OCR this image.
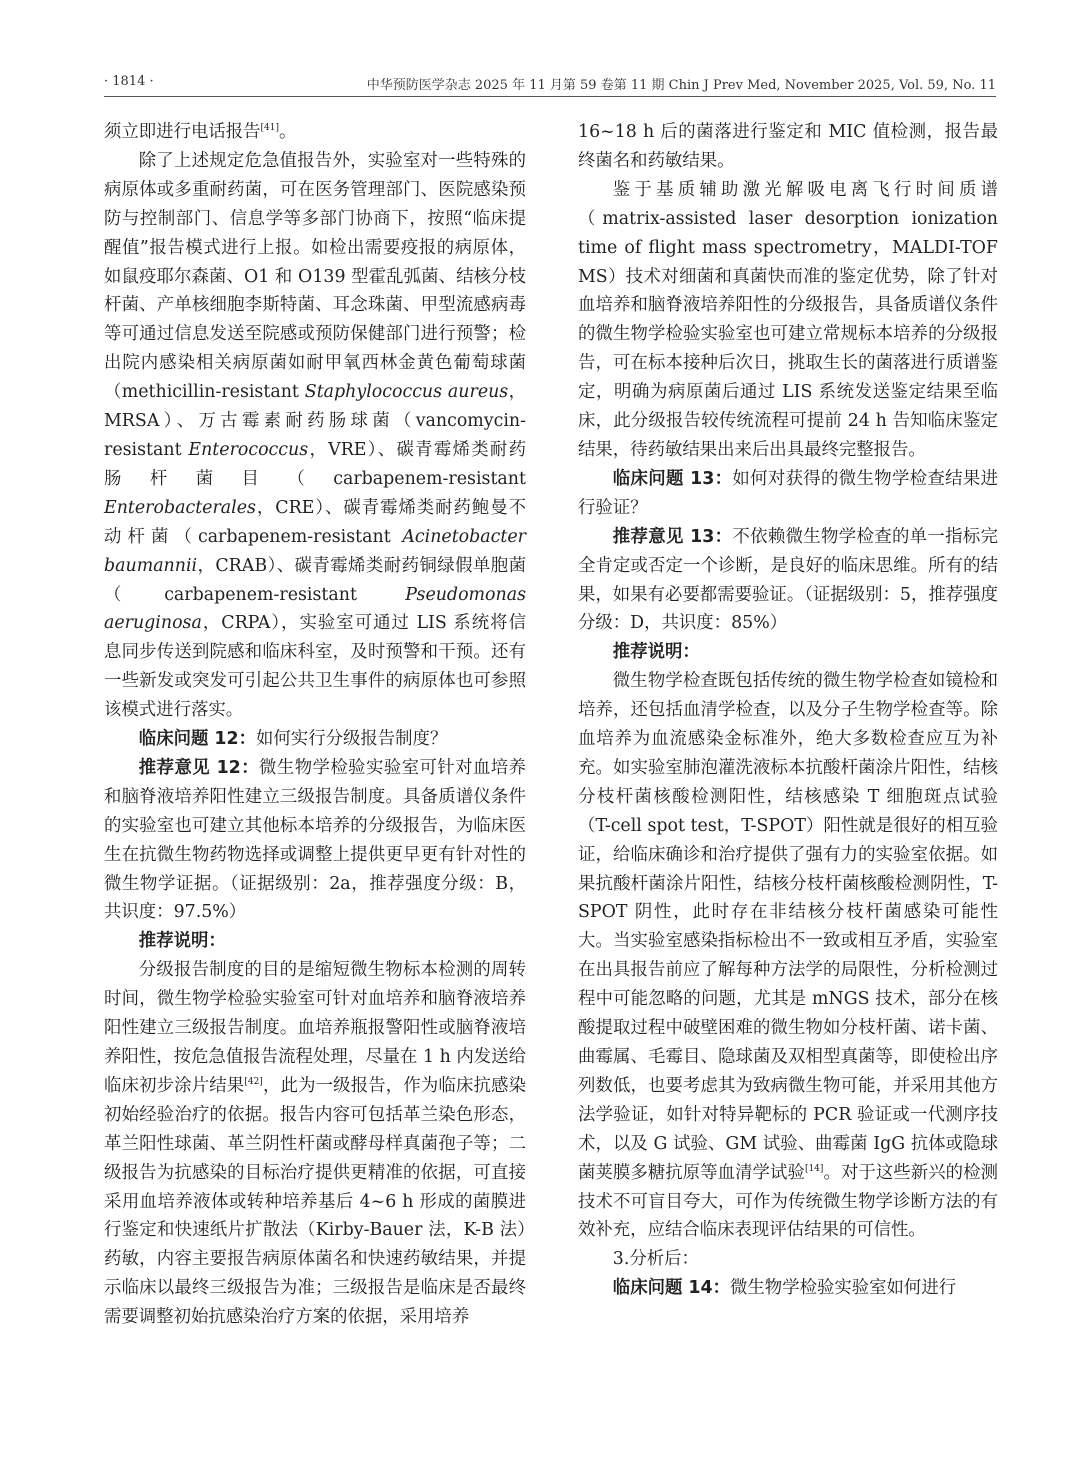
· 1814 ·	中华预防医学杂志 2025 年 11 月第 59 卷第 11 期 Chin J Prev Med, November 2025, Vol. 59, No. 11

须立即进行电话报告[41]。

除了上述规定危急值报告外，实验室对一些特殊的病原体或多重耐药菌，可在医务管理部门、医院感染预防与控制部门、信息学等多部门协商下，按照“临床提醒值”报告模式进行上报。如检出需要疫报的病原体，如鼠疫耶尔森菌、O1 和 O139 型霍乱弧菌、结核分枝杆菌、产单核细胞李斯特菌、耳念珠菌、甲型流感病毒等可通过信息发送至院感或预防保健部门进行预警；检出院内感染相关病原菌如耐甲氧西林金黄色葡萄球菌（methicillin-resistant Staphylococcus aureus，MRSA）、万古霉素耐药肠球菌（vancomycin-resistant Enterococcus，VRE）、碳青霉烯类耐药肠杆菌目（carbapenem-resistant Enterobacterales，CRE）、碳青霉烯类耐药鲍曼不动杆菌（carbapenem-resistant Acinetobacter baumannii，CRAB）、碳青霉烯类耐药铜绿假单胞菌（carbapenem-resistant Pseudomonas aeruginosa，CRPA），实验室可通过 LIS 系统将信息同步传送到院感和临床科室，及时预警和干预。还有一些新发或突发可引起公共卫生事件的病原体也可参照该模式进行落实。

临床问题 12：如何实行分级报告制度？

推荐意见 12：微生物学检验实验室可针对血培养和脑脊液培养阳性建立三级报告制度。具备质谱仪条件的实验室也可建立其他标本培养的分级报告，为临床医生在抗微生物药物选择或调整上提供更早更有针对性的微生物学证据。（证据级别：2a，推荐强度分级：B，共识度：97.5%）

推荐说明：

分级报告制度的目的是缩短微生物标本检测的周转时间，微生物学检验实验室可针对血培养和脑脊液培养阳性建立三级报告制度。血培养瓶报警阳性或脑脊液培养阳性，按危急值报告流程处理，尽量在 1 h 内发送给临床初步涂片结果[42]，此为一级报告，作为临床抗感染初始经验治疗的依据。报告内容可包括革兰染色形态，革兰阳性球菌、革兰阴性杆菌或酵母样真菌孢子等；二级报告为抗感染的目标治疗提供更精准的依据，可直接采用血培养液体或转种培养基后 4~6 h 形成的菌膜进行鉴定和快速纸片扩散法（Kirby-Bauer 法，K-B 法）药敏，内容主要报告病原体菌名和快速药敏结果，并提示临床以最终三级报告为准；三级报告是临床是否最终需要调整初始抗感染治疗方案的依据，采用培养

16~18 h 后的菌落进行鉴定和 MIC 值检测，报告最终菌名和药敏结果。

鉴于基质辅助激光解吸电离飞行时间质谱（matrix-assisted laser desorption ionization time of flight mass spectrometry，MALDI-TOF MS）技术对细菌和真菌快而准的鉴定优势，除了针对血培养和脑脊液培养阳性的分级报告，具备质谱仪条件的微生物学检验实验室也可建立常规标本培养的分级报告，可在标本接种后次日，挑取生长的菌落进行质谱鉴定，明确为病原菌后通过 LIS 系统发送鉴定结果至临床，此分级报告较传统流程可提前 24 h 告知临床鉴定结果，待药敏结果出来后出具最终完整报告。

临床问题 13：如何对获得的微生物学检查结果进行验证？

推荐意见 13：不依赖微生物学检查的单一指标完全肯定或否定一个诊断，是良好的临床思维。所有的结果，如果有必要都需要验证。（证据级别：5，推荐强度分级：D，共识度：85%）

推荐说明：

微生物学检查既包括传统的微生物学检查如镜检和培养，还包括血清学检查，以及分子生物学检查等。除血培养为血流感染金标准外，绝大多数检查应互为补充。如实验室肺泡灌洗液标本抗酸杆菌涂片阳性，结核分枝杆菌核酸检测阳性，结核感染 T 细胞斑点试验（T-cell spot test，T-SPOT）阳性就是很好的相互验证，给临床确诊和治疗提供了强有力的实验室依据。如果抗酸杆菌涂片阳性，结核分枝杆菌核酸检测阴性，T-SPOT 阴性，此时存在非结核分枝杆菌感染可能性大。当实验室感染指标检出不一致或相互矛盾，实验室在出具报告前应了解每种方法学的局限性，分析检测过程中可能忽略的问题，尤其是 mNGS 技术，部分在核酸提取过程中破壁困难的微生物如分枝杆菌、诺卡菌、曲霉属、毛霉目、隐球菌及双相型真菌等，即使检出序列数低，也要考虑其为致病微生物可能，并采用其他方法学验证，如针对特异靶标的 PCR 验证或一代测序技术，以及 G 试验、GM 试验、曲霉菌 IgG 抗体或隐球菌荚膜多糖抗原等血清学试验[14]。对于这些新兴的检测技术不可盲目夸大，可作为传统微生物学诊断方法的有效补充，应结合临床表现评估结果的可信性。

3.分析后：

临床问题 14：微生物学检验实验室如何进行
